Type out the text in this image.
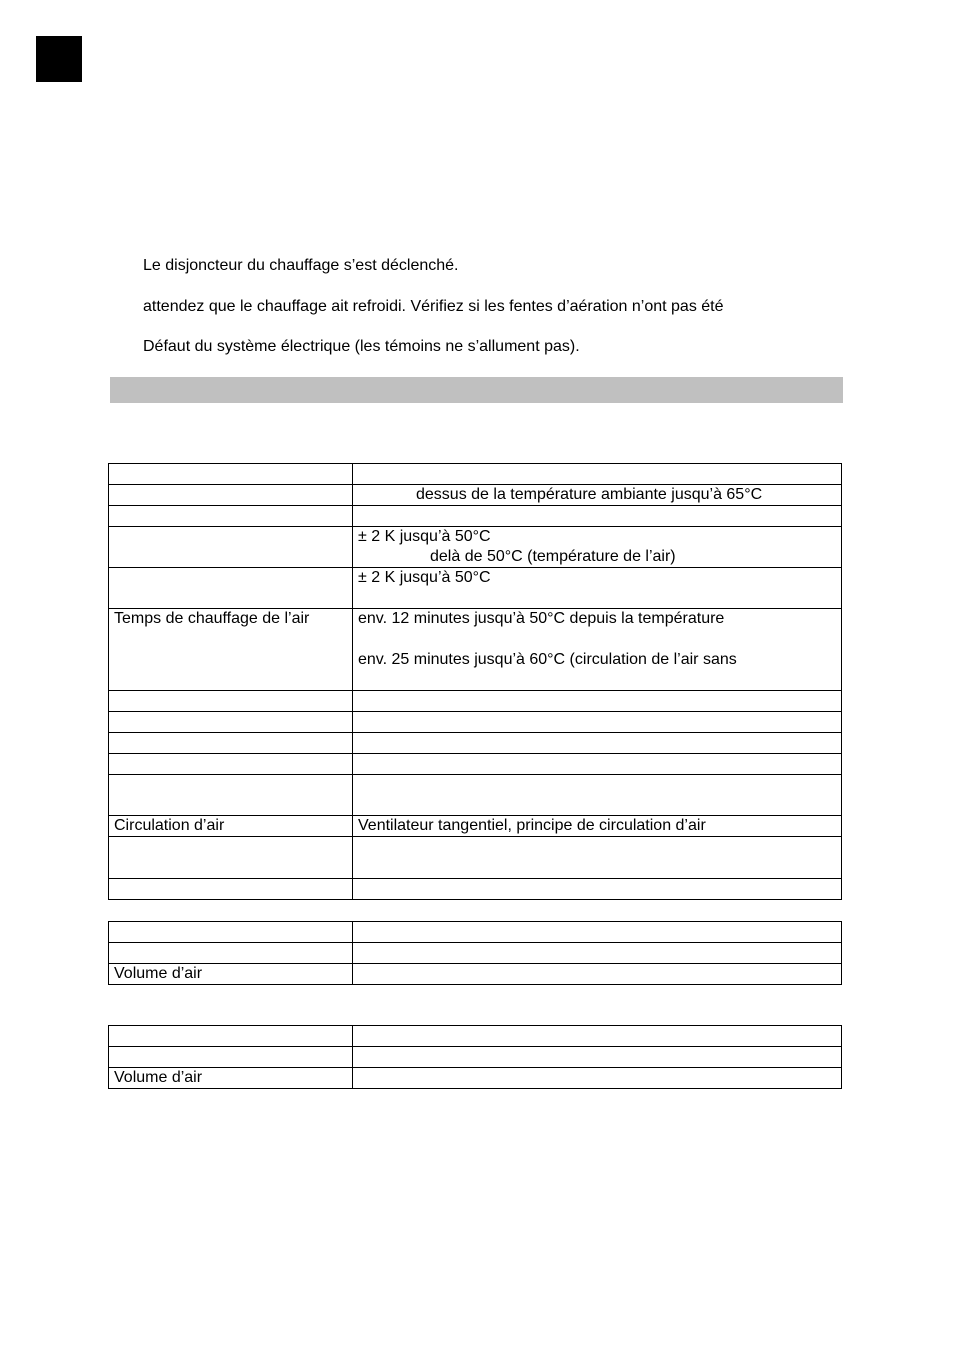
Le disjoncteur du chauffage s’est déclenché.
attendez que le chauffage ait refroidi. Vérifiez si les fentes d’aération n’ont pas été
Défaut du système électrique (les témoins ne s’allument pas).

	dessus de la température ambiante jusqu’à 65°C

	± 2 K jusqu’à 50°C
delà de 50°C (température de l’air)

	± 2 K jusqu’à 50°C
Temps de chauffage de l’air	env. 12 minutes jusqu’à 50°C depuis la température
env. 25 minutes jusqu’à 60°C (circulation de l’air sans

Circulation d’air	Ventilateur tangentiel, principe de circulation d’air

Volume d’air	

Volume d’air	
